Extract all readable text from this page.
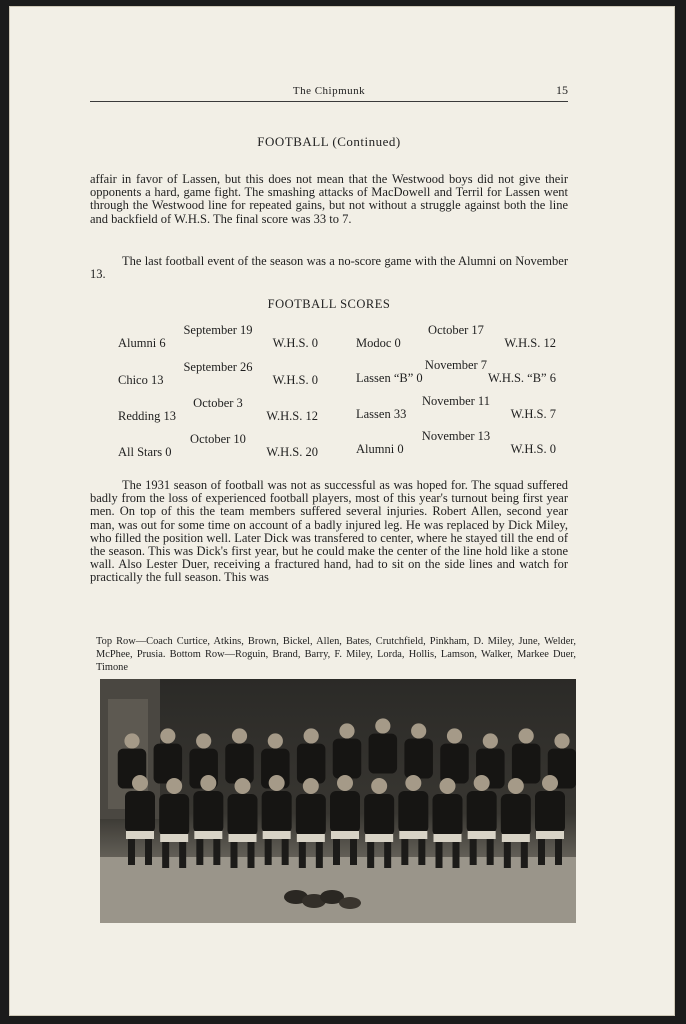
The Chipmunk	15
FOOTBALL (Continued)

affair in favor of Lassen, but this does not mean that the Westwood boys did not give their opponents a hard, game fight. The smashing attacks of MacDowell and Terril for Lassen went through the Westwood line for repeated gains, but not without a struggle against both the line and backfield of W.H.S. The final score was 33 to 7.

The last football event of the season was a no-score game with the Alumni on November 13.

FOOTBALL SCORES
September 19
Alumni 6	W.H.S. 0
September 26
Chico 13	W.H.S. 0
October 3
Redding 13	W.H.S. 12
October 10
All Stars 0	W.H.S. 20
October 17
Modoc 0	W.H.S. 12
November 7
Lassen “B” 0	W.H.S. “B” 6
November 11
Lassen 33	W.H.S. 7
November 13
Alumni 0	W.H.S. 0

The 1931 season of football was not as successful as was hoped for. The squad suffered badly from the loss of experienced football players, most of this year's turnout being first year men. On top of this the team members suffered several injuries. Robert Allen, second year man, was out for some time on account of a badly injured leg. He was replaced by Dick Miley, who filled the position well. Later Dick was transfered to center, where he stayed till the end of the season. This was Dick's first year, but he could make the center of the line hold like a stone wall. Also Lester Duer, receiving a fractured hand, had to sit on the side lines and watch for practically the full season. This was

Top Row—Coach Curtice, Atkins, Brown, Bickel, Allen, Bates, Crutchfield, Pinkham, D. Miley, June, Welder, McPhee, Prusia. Bottom Row—Roguin, Brand, Barry, F. Miley, Lorda, Hollis, Lamson, Walker, Markee Duer, Timone
